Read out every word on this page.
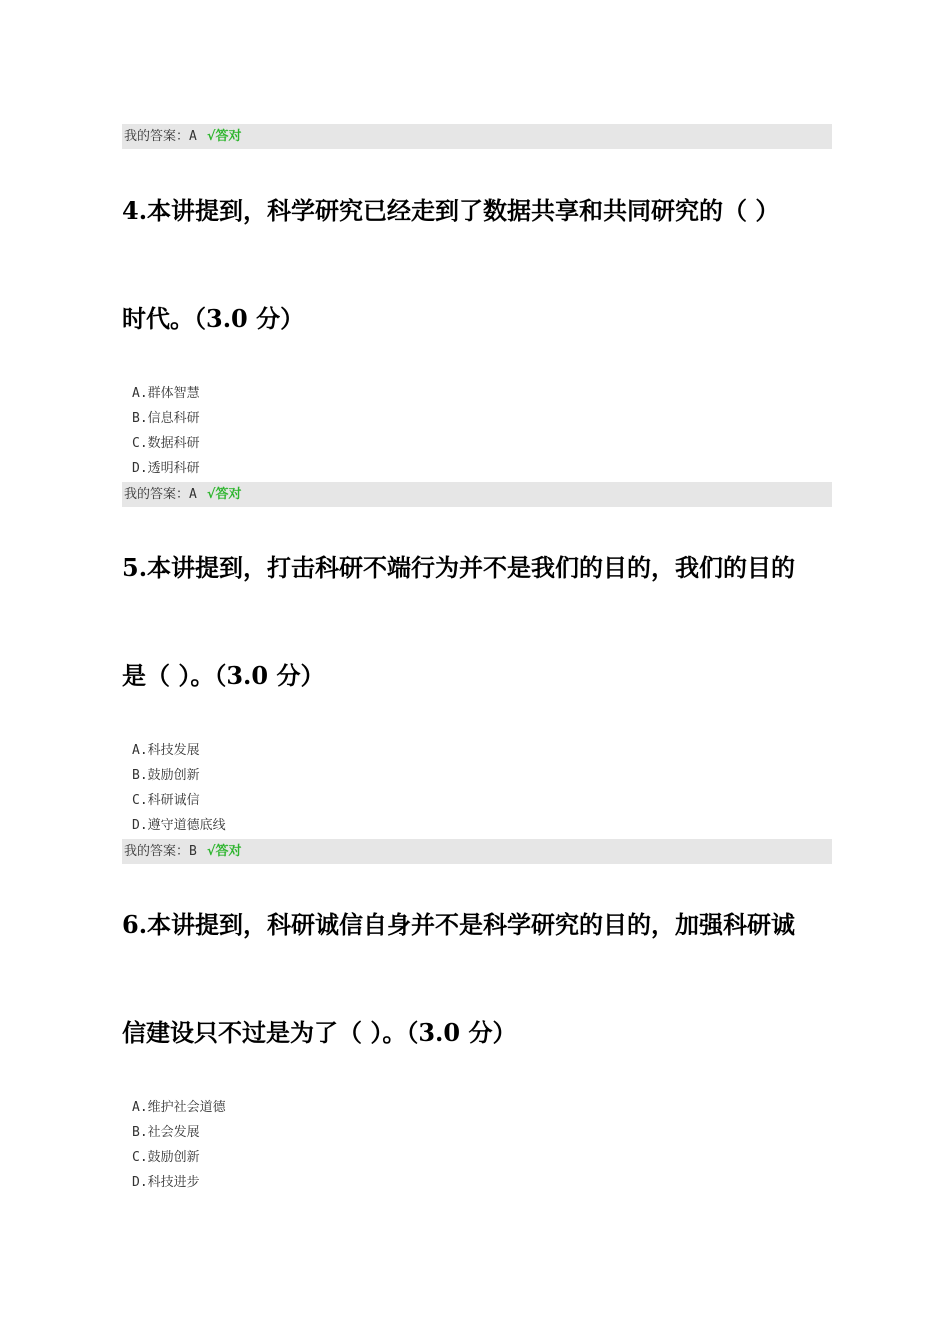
我的答案：A √答对
4.本讲提到，科学研究已经走到了数据共享和共同研究的（ ）
时代。（3.0 分）
A.群体智慧
B.信息科研
C.数据科研
D.透明科研
我的答案：A √答对
5.本讲提到，打击科研不端行为并不是我们的目的，我们的目的
是（ ）。（3.0 分）
A.科技发展
B.鼓励创新
C.科研诚信
D.遵守道德底线
我的答案：B √答对
6.本讲提到，科研诚信自身并不是科学研究的目的，加强科研诚
信建设只不过是为了（ ）。（3.0 分）
A.维护社会道德
B.社会发展
C.鼓励创新
D.科技进步
